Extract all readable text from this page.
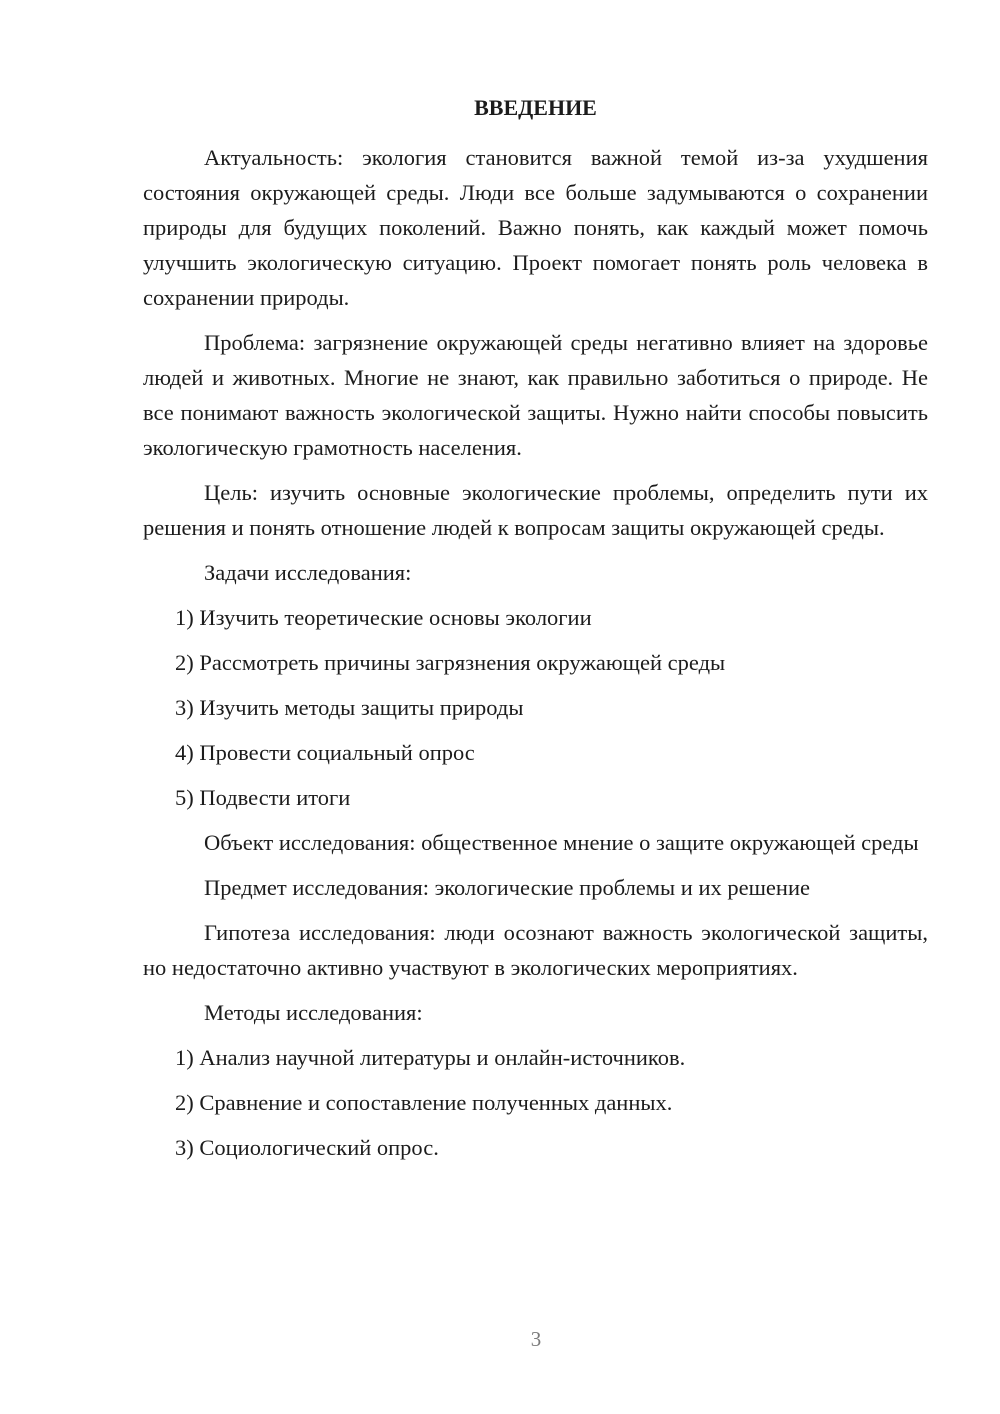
ВВЕДЕНИЕ

Актуальность: экология становится важной темой из-за ухудшения состояния окружающей среды. Люди все больше задумываются о сохранении природы для будущих поколений. Важно понять, как каждый может помочь улучшить экологическую ситуацию. Проект помогает понять роль человека в сохранении природы.

Проблема: загрязнение окружающей среды негативно влияет на здоровье людей и животных. Многие не знают, как правильно заботиться о природе. Не все понимают важность экологической защиты. Нужно найти способы повысить экологическую грамотность населения.

Цель: изучить основные экологические проблемы, определить пути их решения и понять отношение людей к вопросам защиты окружающей среды.

Задачи исследования:

1) Изучить теоретические основы экологии

2) Рассмотреть причины загрязнения окружающей среды

3) Изучить методы защиты природы

4) Провести социальный опрос

5) Подвести итоги

Объект исследования: общественное мнение о защите окружающей среды

Предмет исследования: экологические проблемы и их решение

Гипотеза исследования: люди осознают важность экологической защиты, но недостаточно активно участвуют в экологических мероприятиях.

Методы исследования:

1) Анализ научной литературы и онлайн-источников.

2) Сравнение и сопоставление полученных данных.

3) Социологический опрос.

3
